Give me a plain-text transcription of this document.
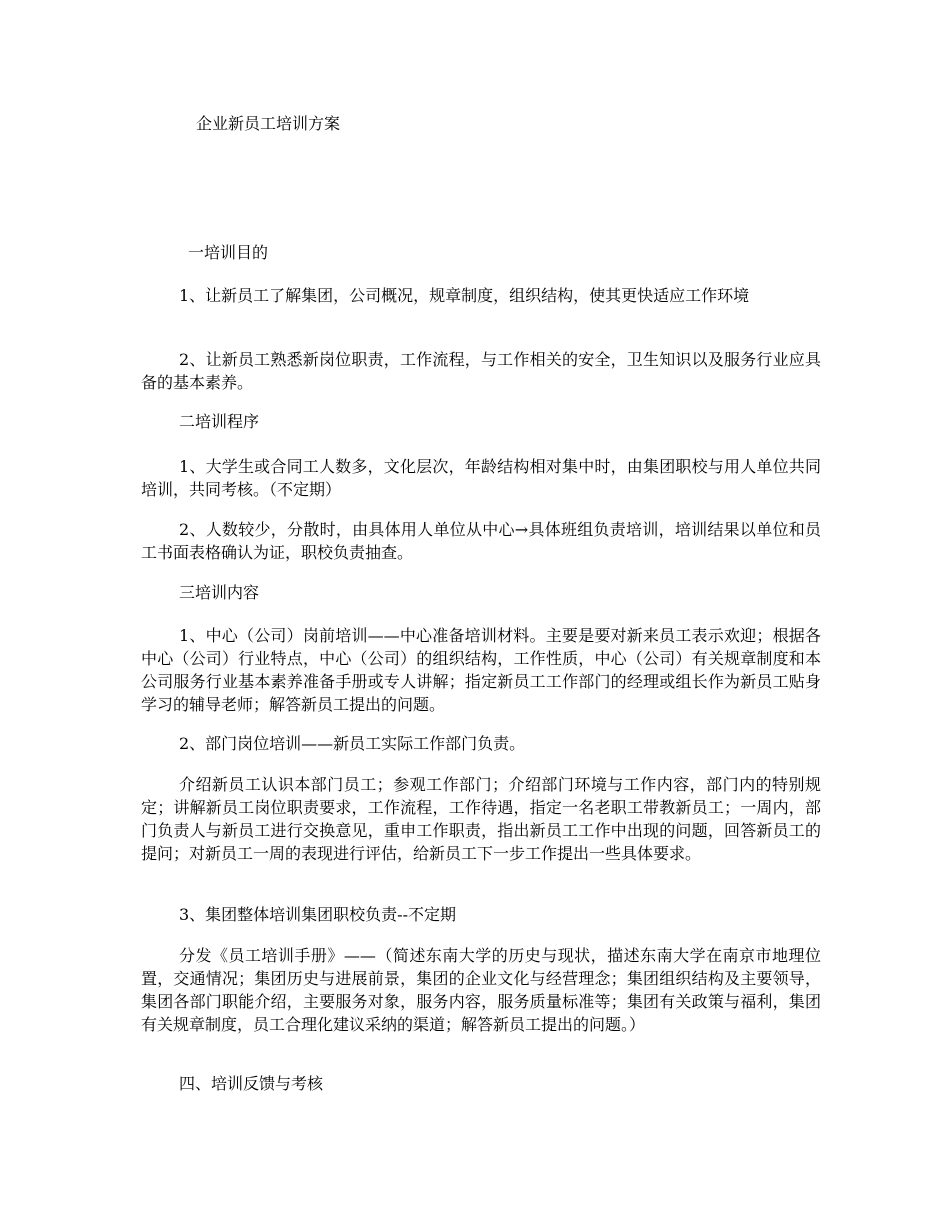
企业新员工培训方案
一培训目的

1、让新员工了解集团，公司概况，规章制度，组织结构，使其更快适应工作环境

2、让新员工熟悉新岗位职责，工作流程，与工作相关的安全，卫生知识以及服务行业应具备的基本素养。

二培训程序

1、大学生或合同工人数多，文化层次，年龄结构相对集中时，由集团职校与用人单位共同培训，共同考核。（不定期）

2、人数较少，分散时，由具体用人单位从中心→具体班组负责培训，培训结果以单位和员工书面表格确认为证，职校负责抽查。

三培训内容

1、中心（公司）岗前培训——中心准备培训材料。主要是要对新来员工表示欢迎；根据各中心（公司）行业特点，中心（公司）的组织结构，工作性质，中心（公司）有关规章制度和本公司服务行业基本素养准备手册或专人讲解；指定新员工工作部门的经理或组长作为新员工贴身学习的辅导老师；解答新员工提出的问题。

2、部门岗位培训——新员工实际工作部门负责。

介绍新员工认识本部门员工；参观工作部门；介绍部门环境与工作内容，部门内的特别规定；讲解新员工岗位职责要求，工作流程，工作待遇，指定一名老职工带教新员工；一周内，部门负责人与新员工进行交换意见，重申工作职责，指出新员工工作中出现的问题，回答新员工的提问；对新员工一周的表现进行评估，给新员工下一步工作提出一些具体要求。

3、集团整体培训集团职校负责--不定期

分发《员工培训手册》——（简述东南大学的历史与现状，描述东南大学在南京市地理位置，交通情况；集团历史与进展前景，集团的企业文化与经营理念；集团组织结构及主要领导，集团各部门职能介绍，主要服务对象，服务内容，服务质量标准等；集团有关政策与福利，集团有关规章制度，员工合理化建议采纳的渠道；解答新员工提出的问题。）

四、培训反馈与考核
